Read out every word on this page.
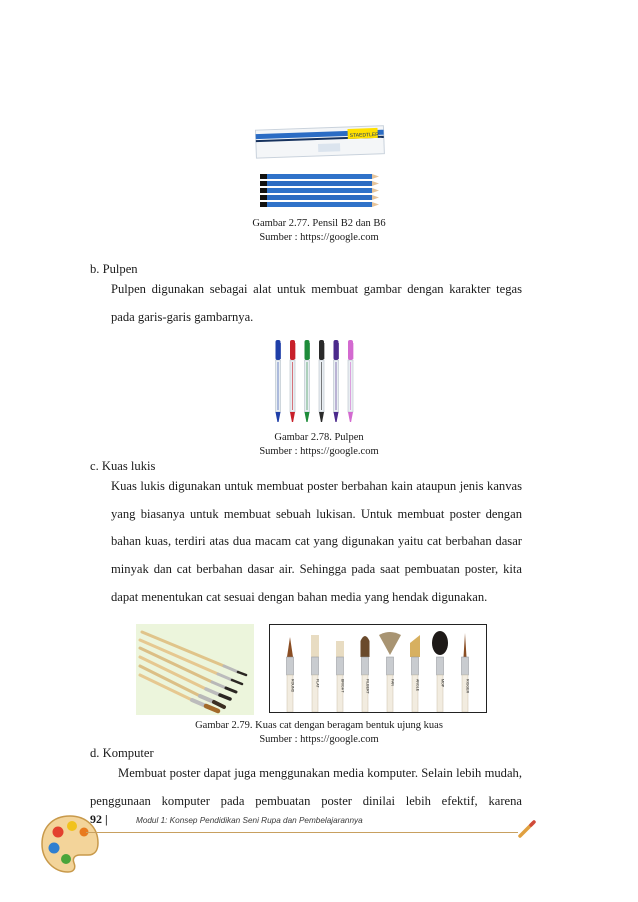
STAEDTLER
Gambar 2.77. Pensil B2 dan B6
Sumber : https://google.com
b. Pulpen
Pulpen digunakan sebagai alat untuk membuat gambar dengan karakter tegas pada garis-garis gambarnya.
Gambar 2.78. Pulpen
Sumber : https://google.com
c. Kuas lukis
Kuas lukis digunakan untuk membuat poster berbahan kain ataupun jenis kanvas yang biasanya untuk membuat sebuah lukisan. Untuk membuat poster dengan bahan kuas, terdiri atas dua macam cat yang digunakan yaitu cat berbahan dasar minyak dan cat berbahan dasar air. Sehingga pada saat pembuatan poster, kita dapat menentukan cat sesuai dengan bahan media yang hendak digunakan.
ROUND	FLAT	BRIGHT	FILBERT	FAN	ANGLE	MOP	RIGGER
Gambar 2.79. Kuas cat dengan beragam bentuk ujung kuas
Sumber : https://google.com
d. Komputer
Membuat poster dapat juga menggunakan media komputer. Selain lebih mudah, penggunaan komputer pada pembuatan poster dinilai lebih efektif, karena
92 |	Modul 1: Konsep Pendidikan Seni Rupa dan Pembelajarannya
